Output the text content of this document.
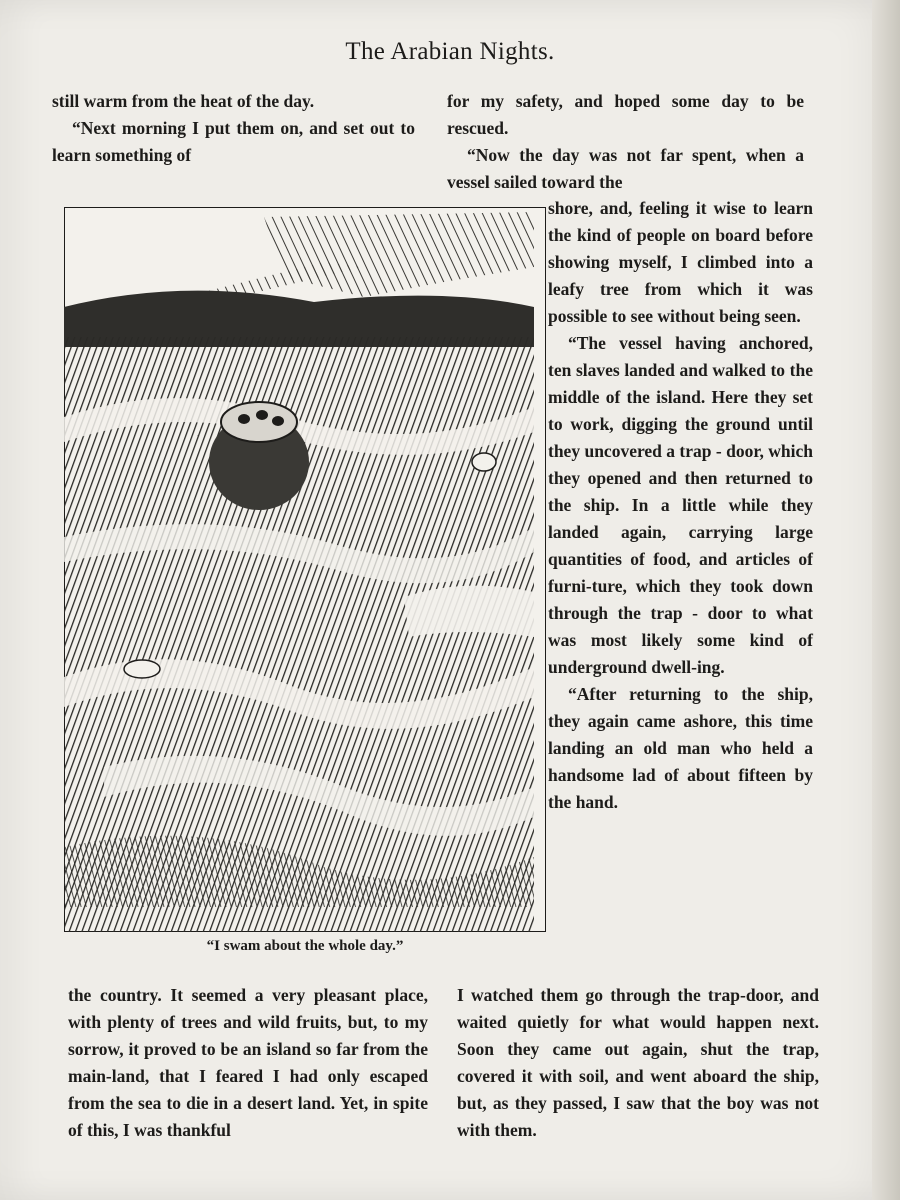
The Arabian Nights.

still warm from the heat of the day.

“Next morning I put them on, and set out to learn something of

for my safety, and hoped some day to be rescued.

“Now the day was not far spent, when a vessel sailed toward the

shore, and, feeling it wise to learn the kind of people on board before showing myself, I climbed into a leafy tree from which it was possible to see without being seen.

“The vessel having anchored, ten slaves landed and walked to the middle of the island. Here they set to work, digging the ground until they uncovered a trap - door, which they opened and then returned to the ship. In a little while they landed again, carrying large quantities of food, and articles of furni-ture, which they took down through the trap - door to what was most likely some kind of underground dwell-ing.

“After returning to the ship, they again came ashore, this time landing an old man who held a handsome lad of about fifteen by the hand.

“I swam about the whole day.”

the country. It seemed a very pleasant place, with plenty of trees and wild fruits, but, to my sorrow, it proved to be an island so far from the main-land, that I feared I had only escaped from the sea to die in a desert land. Yet, in spite of this, I was thankful

I watched them go through the trap-door, and waited quietly for what would happen next. Soon they came out again, shut the trap, covered it with soil, and went aboard the ship, but, as they passed, I saw that the boy was not with them.
